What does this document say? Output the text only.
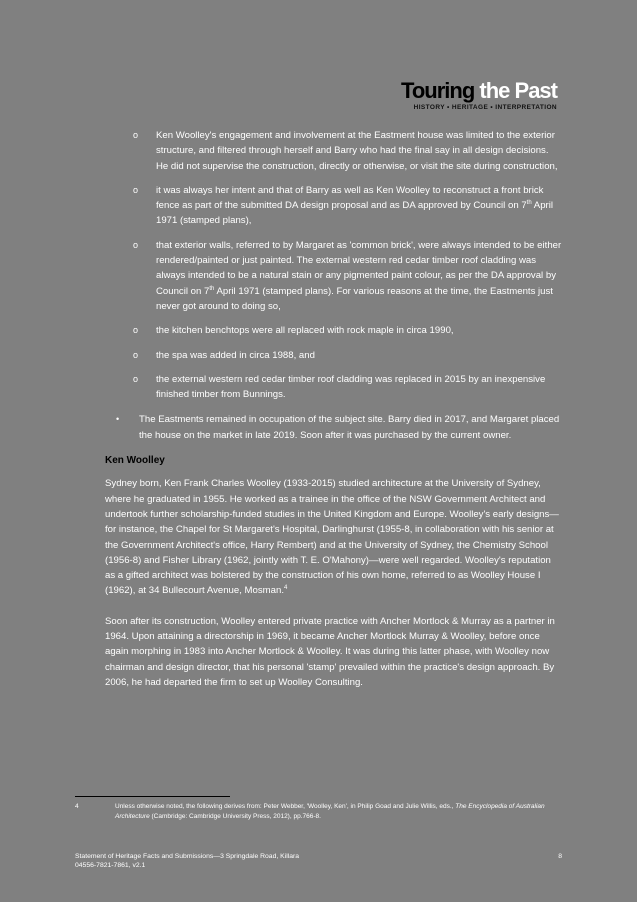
Touring the Past
HISTORY • HERITAGE • INTERPRETATION
o Ken Woolley's engagement and involvement at the Eastment house was limited to the exterior structure, and filtered through herself and Barry who had the final say in all design decisions. He did not supervise the construction, directly or otherwise, or visit the site during construction,
o it was always her intent and that of Barry as well as Ken Woolley to reconstruct a front brick fence as part of the submitted DA design proposal and as DA approved by Council on 7th April 1971 (stamped plans),
o that exterior walls, referred to by Margaret as 'common brick', were always intended to be either rendered/painted or just painted. The external western red cedar timber roof cladding was always intended to be a natural stain or any pigmented paint colour, as per the DA approval by Council on 7th April 1971 (stamped plans). For various reasons at the time, the Eastments just never got around to doing so,
o the kitchen benchtops were all replaced with rock maple in circa 1990,
o the spa was added in circa 1988, and
o the external western red cedar timber roof cladding was replaced in 2015 by an inexpensive finished timber from Bunnings.
• The Eastments remained in occupation of the subject site. Barry died in 2017, and Margaret placed the house on the market in late 2019. Soon after it was purchased by the current owner.
Ken Woolley

Sydney born, Ken Frank Charles Woolley (1933-2015) studied architecture at the University of Sydney, where he graduated in 1955. He worked as a trainee in the office of the NSW Government Architect and undertook further scholarship-funded studies in the United Kingdom and Europe. Woolley's early designs—for instance, the Chapel for St Margaret's Hospital, Darlinghurst (1955-8, in collaboration with his senior at the Government Architect's office, Harry Rembert) and at the University of Sydney, the Chemistry School (1956-8) and Fisher Library (1962, jointly with T. E. O'Mahony)—were well regarded. Woolley's reputation as a gifted architect was bolstered by the construction of his own home, referred to as Woolley House I (1962), at 34 Bullecourt Avenue, Mosman.$^4$

Soon after its construction, Woolley entered private practice with Ancher Mortlock & Murray as a partner in 1964. Upon attaining a directorship in 1969, it became Ancher Mortlock Murray & Woolley, before once again morphing in 1983 into Ancher Mortlock & Woolley. It was during this latter phase, with Woolley now chairman and design director, that his personal 'stamp' prevailed within the practice's design approach. By 2006, he had departed the firm to set up Woolley Consulting.

4	Unless otherwise noted, the following derives from: Peter Webber, 'Woolley, Ken', in Philip Goad and Julie Willis, eds., The Encyclopedia of Australian Architecture (Cambridge: Cambridge University Press, 2012), pp.766-8.
Statement of Heritage Facts and Submissions—3 Springdale Road, Killara
04556-7821-7861, v2.1
8
